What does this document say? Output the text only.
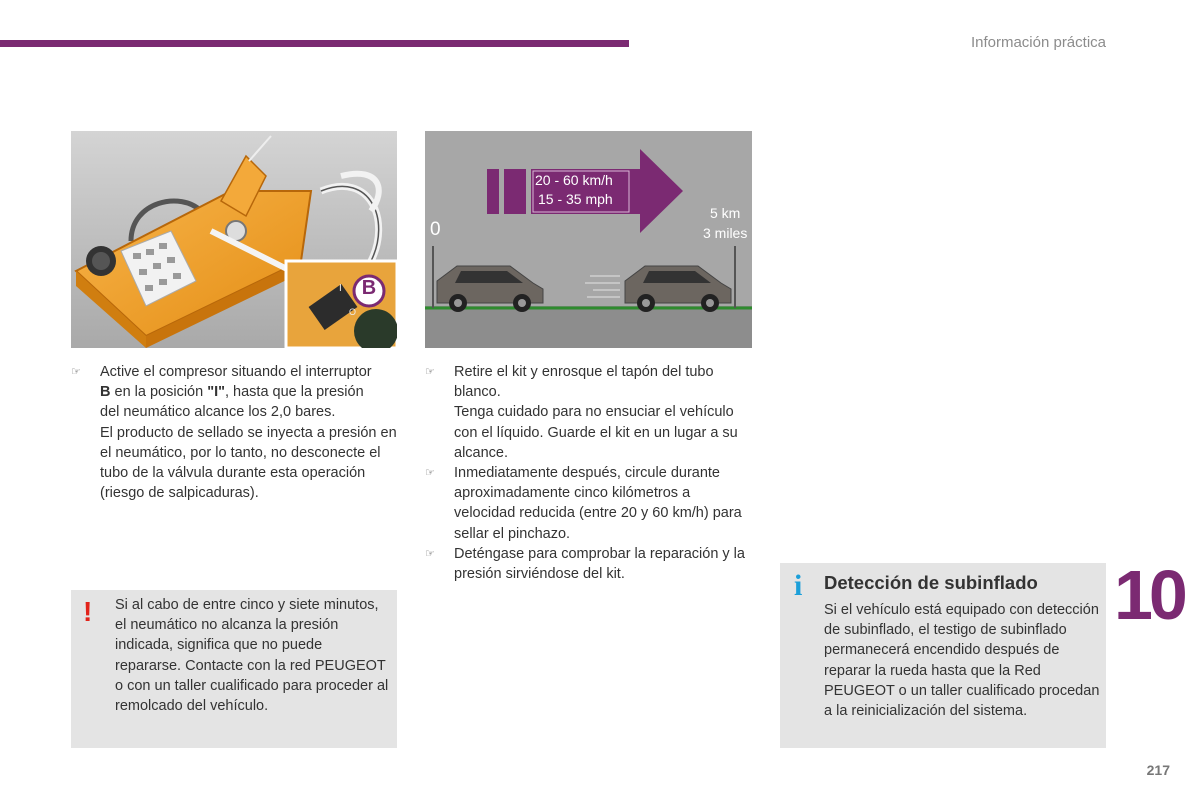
Información práctica
B
I
O
20 - 60 km/h
15 - 35 mph
0
5 km
3 miles
☞ Active el compresor situando el interruptor
B en la posición "I", hasta que la presión
del neumático alcance los 2,0 bares.

El producto de sellado se inyecta a presión en el neumático, por lo tanto, no desconecte el tubo de la válvula durante esta operación (riesgo de salpicaduras).

☞ Retire el kit y enrosque el tapón del tubo blanco.

Tenga cuidado para no ensuciar el vehículo con el líquido. Guarde el kit en un lugar a su alcance.

☞ Inmediatamente después, circule durante aproximadamente cinco kilómetros a velocidad reducida (entre 20 y 60 km/h) para sellar el pinchazo.

☞ Deténgase para comprobar la reparación y la presión sirviéndose del kit.

! Si al cabo de entre cinco y siete minutos, el neumático no alcanza la presión indicada, significa que no puede repararse. Contacte con la red PEUGEOT o con un taller cualificado para proceder al remolcado del vehículo.
i Detección de subinflado
Si el vehículo está equipado con detección de subinflado, el testigo de subinflado permanecerá encendido después de reparar la rueda hasta que la Red PEUGEOT o un taller cualificado procedan a la reinicialización del sistema.
10
217
